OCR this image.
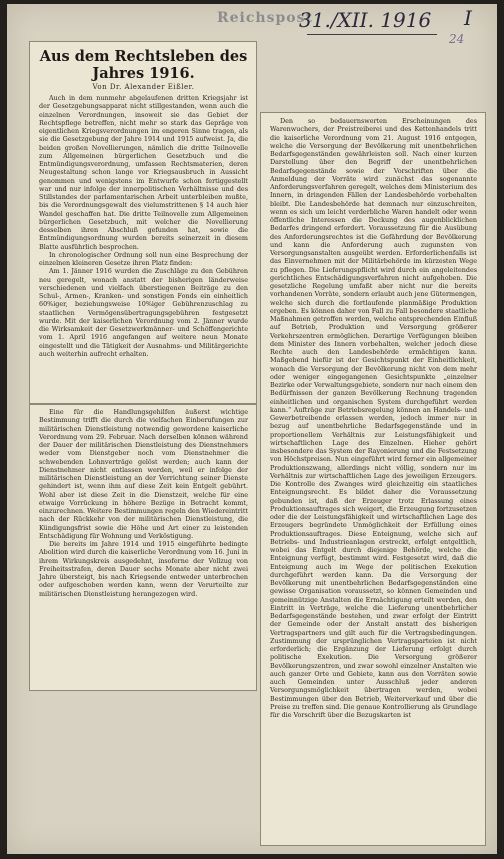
Reichspost
31./XII. 1916 I
24
Aus dem Rechtsleben des
Jahres 1916.
Von Dr. Alexander Eißler.

Auch in dem nunmehr abgelaufenen dritten Kriegsjahr ist der Gesetzgebungsapparat nicht stillgestanden, wenn auch die einzelnen Verordnungen, insoweit sie das Gebiet der Rechtspflege betreffen, nicht mehr so stark das Gepräge von eigentlichen Kriegsverordnungen im engeren Sinne tragen, als sie die Gesetzgebung der Jahre 1914 und 1915 aufweist. Ja, die beiden großen Novellierungen, nämlich die dritte Teilnovelle zum Allgemeinen bürgerlichen Gesetzbuch und die Entmündigungsverordnung, umfassen Rechtsmaterien, deren Neugestaltung schon lange vor Kriegsausbruch in Aussicht genommen und wenigstens im Entwurfe schon fertiggestellt war und nur infolge der innerpolitischen Verhältnisse und des Stillstandes der parlamentarischen Arbeit unterbleiben mußte, bis die Verordnungsgewalt des vielumstrittenen § 14 auch hier Wandel geschaffen hat. Die dritte Teilnovelle zum Allgemeinen bürgerlichen Gesetzbuch, mit welcher die Novellierung desselben ihren Abschluß gefunden hat, sowie die Entmündigungsordnung wurden bereits seinerzeit in diesem Blatte ausführlich besprochen.

In chronologischer Ordnung soll nun eine Besprechung der einzelnen kleineren Gesetze ihren Platz finden:

Am 1. Jänner 1916 wurden die Zuschläge zu den Gebühren neu geregelt, wonach anstatt der bisherigen länderweise verschiedenen und vielfach überstiegenen Beiträge zu den Schul-, Armen-, Kranken- und sonstigen Fonds ein einheitlich 60%iger, beziehungsweise 10%iger Gebührenzuschlag zu staatlichen Vermögensübertragungsgebühren festgesetzt wurde. Mit der kaiserlichen Verordnung vom 2. Jänner wurde die Wirksamkeit der Gesetzwerkmänner- und Schöffengerichte vom 1. April 1916 angefangen auf weitere neun Monate eingestellt und die Tätigkeit der Ausnahms- und Militärgerichte auch weiterhin aufrecht erhalten.

Eine für die Handlungsgehilfen äußerst wichtige Bestimmung trifft die durch die vielfachen Einberufungen zur militärischen Dienstleistung notwendig gewordene kaiserliche Verordnung vom 29. Februar. Nach derselben können während der Dauer der militärischen Dienstleistung des Dienstnehmers weder vom Dienstgeber noch vom Dienstnehmer die schwebenden Lohnverträge gelöst werden; auch kann der Dienstnehmer nicht entlassen werden, weil er infolge der militärischen Dienstleistung an der Verrichtung seiner Dienste gehindert ist, wenn ihm auf diese Zeit kein Entgelt gebührt. Wohl aber ist diese Zeit in die Dienstzeit, welche für eine etwaige Vorrückung in höhere Bezüge in Betracht kommt, einzurechnen. Weitere Bestimmungen regeln den Wiedereintritt nach der Rückkehr von der militärischen Dienstleistung, die Kündigungsfrist sowie die Höhe und Art einer zu leistenden Entschädigung für Wohnung und Verköstigung.

Die bereits im Jahre 1914 und 1915 eingeführte bedingte Abolition wird durch die kaiserliche Verordnung vom 16. Juni in ihrem Wirkungskreis ausgedehnt, insoferne der Vollzug von Freiheitsstrafen, deren Dauer sechs Monate aber nicht zwei Jahre übersteigt, bis nach Kriegsende entweder unterbrochen oder aufgeschoben werden kann, wenn der Verurteilte zur militärischen Dienstleistung herangezogen wird.

Den so bedauernswerten Erscheinungen des Warenwuchers, der Preistreiberei und des Kettenhandels tritt die kaiserliche Verordnung vom 21. August 1916 entgegen, welche die Versorgung der Bevölkerung mit unentbehrlichen Bedarfsgegenständen gewährleisten soll. Nach einer kurzen Darstellung über den Begriff der unentbehrlichen Bedarfsgegenstände sowie der Vorschriften über die Anmeldung der Vorräte wird zunächst das sogenannte Anforderungsverfahren geregelt, welches dem Ministerium des Innern, in dringenden Fällen der Landesbehörde vorbehalten bleibt. Die Landesbehörde hat demnach nur einzuschreiten, wenn es sich um leicht verderbliche Waren handelt oder wenn öffentliche Interessen die Deckung des augenblicklichen Bedarfes dringend erfordert. Voraussetzung für die Ausübung des Anforderungsrechtes ist die Gefährdung der Bevölkerung und kann die Anforderung auch zugunsten von Versorgungsanstalten ausgeübt werden. Erforderlichenfalls ist das Einvernehmen mit der Militärbehörde im kürzesten Wege zu pflegen. Die Lieferungspflicht wird durch ein angeleitendes gerichtliches Entschädigungsverfahren nicht aufgehoben. Die gesetzliche Regelung umfaßt aber nicht nur die bereits vorhandenen Vorräte, sondern erlaubt auch jene Gütermengen, welche sich durch die fortlaufende planmäßige Produktion ergeben. Es können daher von Fall zu Fall besondere staatliche Maßnahmen getroffen werden, welche entsprechenden Einfluß auf Betrieb, Produktion und Versorgung größerer Verkehrszentren ermöglichen. Derartige Verfügungen bleiben dem Minister des Innern vorbehalten, welcher jedoch diese Rechte auch den Landesbehörde ermächtigen kann. Maßgebend hiefür ist der Gesichtspunkt der Einheitlichkeit, wonach die Versorgung der Bevölkerung nicht von dem mehr oder weniger eingegangenen Gesichtspunkte „einzelner Bezirke oder Verwaltungsgebiete, sondern nur nach einem den Bedürfnissen der ganzen Bevölkerung Rechnung tragenden einheitlichen und organischen System durchgeführt werden kann.“ Aufträge zur Betriebsregelung können an Handels- und Gewerbetreibende erlassen werden, jedoch immer nur in bezug auf unentbehrliche Bedarfsgegenstände und in proportionellem Verhältnis zur Leistungsfähigkeit und wirtschaftlichen Lage des Einzelnen. Hieher gehört insbesondere das System der Rayonierung und die Festsetzung von Höchstpreisen. Nun eingeführt wird ferner ein allgemeiner Produktionszwang, allerdings nicht völlig, sondern nur im Verhältnis zur wirtschaftlichen Lage des jeweiligen Erzeugers. Die Kontrolle des Zwanges wird gleichzeitig ein staatliches Enteignungsrecht. Es bildet daher die Voraussetzung gebunden ist, daß der Erzeuger trotz Erlassung eines Produktionsauftrages sich weigert, die Erzeugung fortzusetzen oder die der Leistungsfähigkeit und wirtschaftlichen Lage des Erzeugers begründete Unmöglichkeit der Erfüllung eines Produktionsauftrages. Diese Enteignung, welche sich auf Betriebs- und Industrieanlagen erstreckt, erfolgt entgeltlich, wobei das Entgelt durch diejenige Behörde, welche die Enteignung verfügt, bestimmt wird. Festgesetzt wird, daß die Enteignung auch im Wege der politischen Exekution durchgeführt werden kann. Da die Versorgung der Bevölkerung mit unentbehrlichen Bedarfsgegenständen eine gewisse Organisation voraussetzt, so können Gemeinden und gemeinnützige Anstalten die Ermächtigung erteilt werden, den Eintritt in Verträge, welche die Lieferung unentbehrlicher Bedarfsgegenstände bestehen, und zwar erfolgt der Eintritt der Gemeinde oder der Anstalt anstatt des bisherigen Vertragspartners und gilt auch für die Vertragsbedingungen. Zustimmung der ursprünglichen Vertragsparteien ist nicht erforderlich; die Ergänzung der Lieferung erfolgt durch politische Exekution. Die Versorgung größerer Bevölkerungszentren, und zwar sowohl einzelner Anstalten wie auch ganzer Orte und Gebiete, kann aus den Vorräten sowie auch Gemeinden unter Ausschluß jeder anderen Versorgungsmöglichkeit übertragen werden, wobei Bestimmungen über den Betrieb, Weiterverkauf und über die Preise zu treffen sind. Die genaue Kontrollierung als Grundlage für die Vorschrift über die Bezugskarten ist
